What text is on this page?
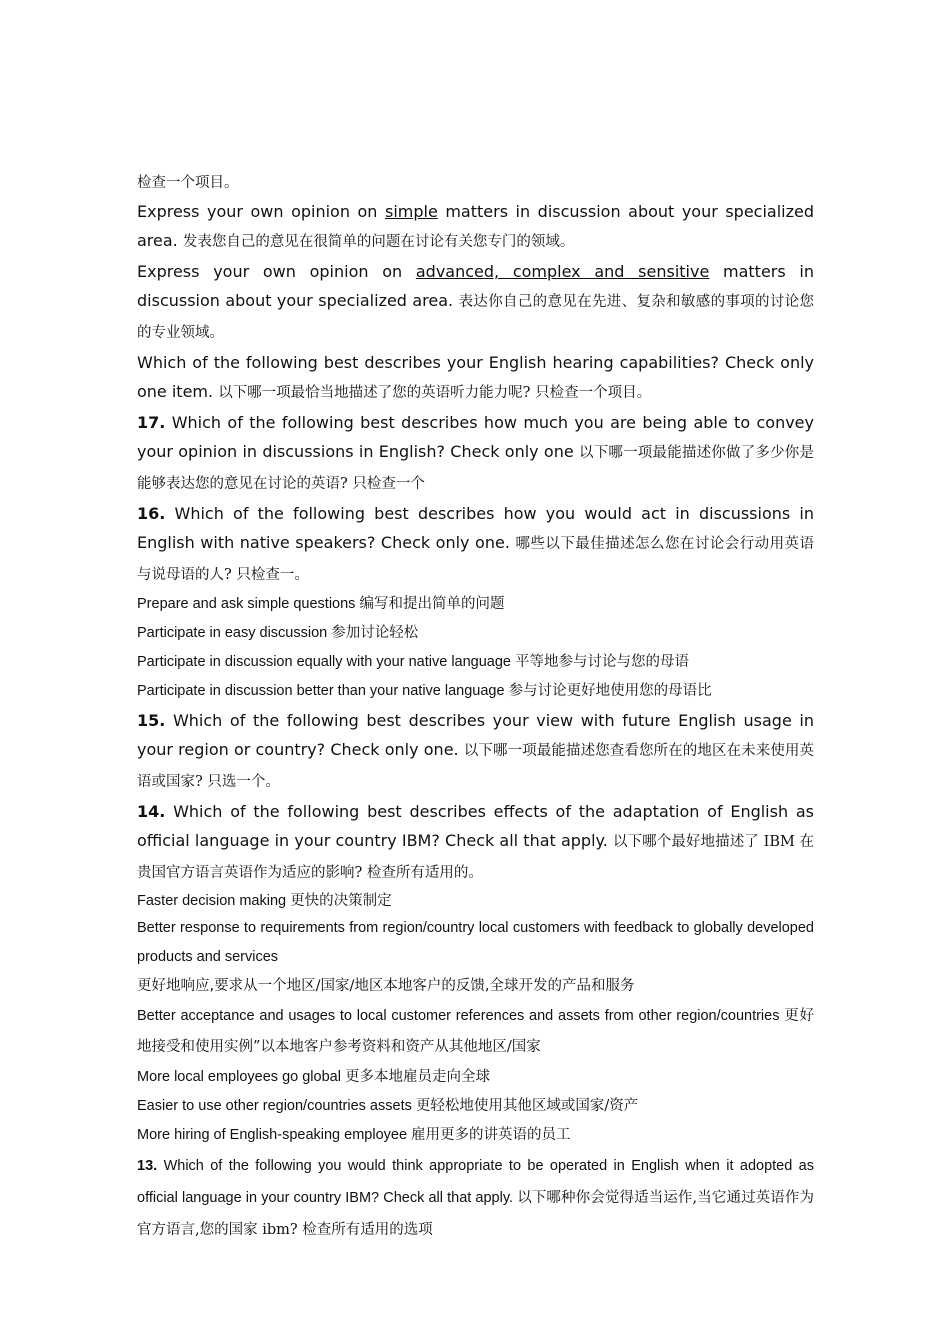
检查一个项目。

Express your own opinion on simple matters in discussion about your specialized area. 发表您自己的意见在很简单的问题在讨论有关您专门的领域。

Express your own opinion on advanced, complex and sensitive matters in discussion about your specialized area. 表达你自己的意见在先进、复杂和敏感的事项的讨论您的专业领域。

Which of the following best describes your English hearing capabilities? Check only one item. 以下哪一项最恰当地描述了您的英语听力能力呢? 只检查一个项目。

17. Which of the following best describes how much you are being able to convey your opinion in discussions in English? Check only one 以下哪一项最能描述你做了多少你是能够表达您的意见在讨论的英语? 只检查一个

16. Which of the following best describes how you would act in discussions in English with native speakers? Check only one. 哪些以下最佳描述怎么您在讨论会行动用英语与说母语的人? 只检查一。

Prepare and ask simple questions 编写和提出简单的问题

Participate in easy discussion 参加讨论轻松

Participate in discussion equally with your native language 平等地参与讨论与您的母语

Participate in discussion better than your native language 参与讨论更好地使用您的母语比

15. Which of the following best describes your view with future English usage in your region or country? Check only one. 以下哪一项最能描述您查看您所在的地区在未来使用英语或国家? 只选一个。

14. Which of the following best describes effects of the adaptation of English as official language in your country IBM? Check all that apply. 以下哪个最好地描述了 IBM 在贵国官方语言英语作为适应的影响? 检查所有适用的。

Faster decision making 更快的决策制定

Better response to requirements from region/country local customers with feedback to globally developed products and services

更好地响应,要求从一个地区/国家/地区本地客户的反馈,全球开发的产品和服务

Better acceptance and usages to local customer references and assets from other region/countries 更好地接受和使用实例”以本地客户参考资料和资产从其他地区/国家

More local employees go global 更多本地雇员走向全球

Easier to use other region/countries assets 更轻松地使用其他区域或国家/资产

More hiring of English-speaking employee 雇用更多的讲英语的员工

13. Which of the following you would think appropriate to be operated in English when it adopted as official language in your country IBM? Check all that apply. 以下哪种你会觉得适当运作,当它通过英语作为官方语言,您的国家 ibm? 检查所有适用的选项
